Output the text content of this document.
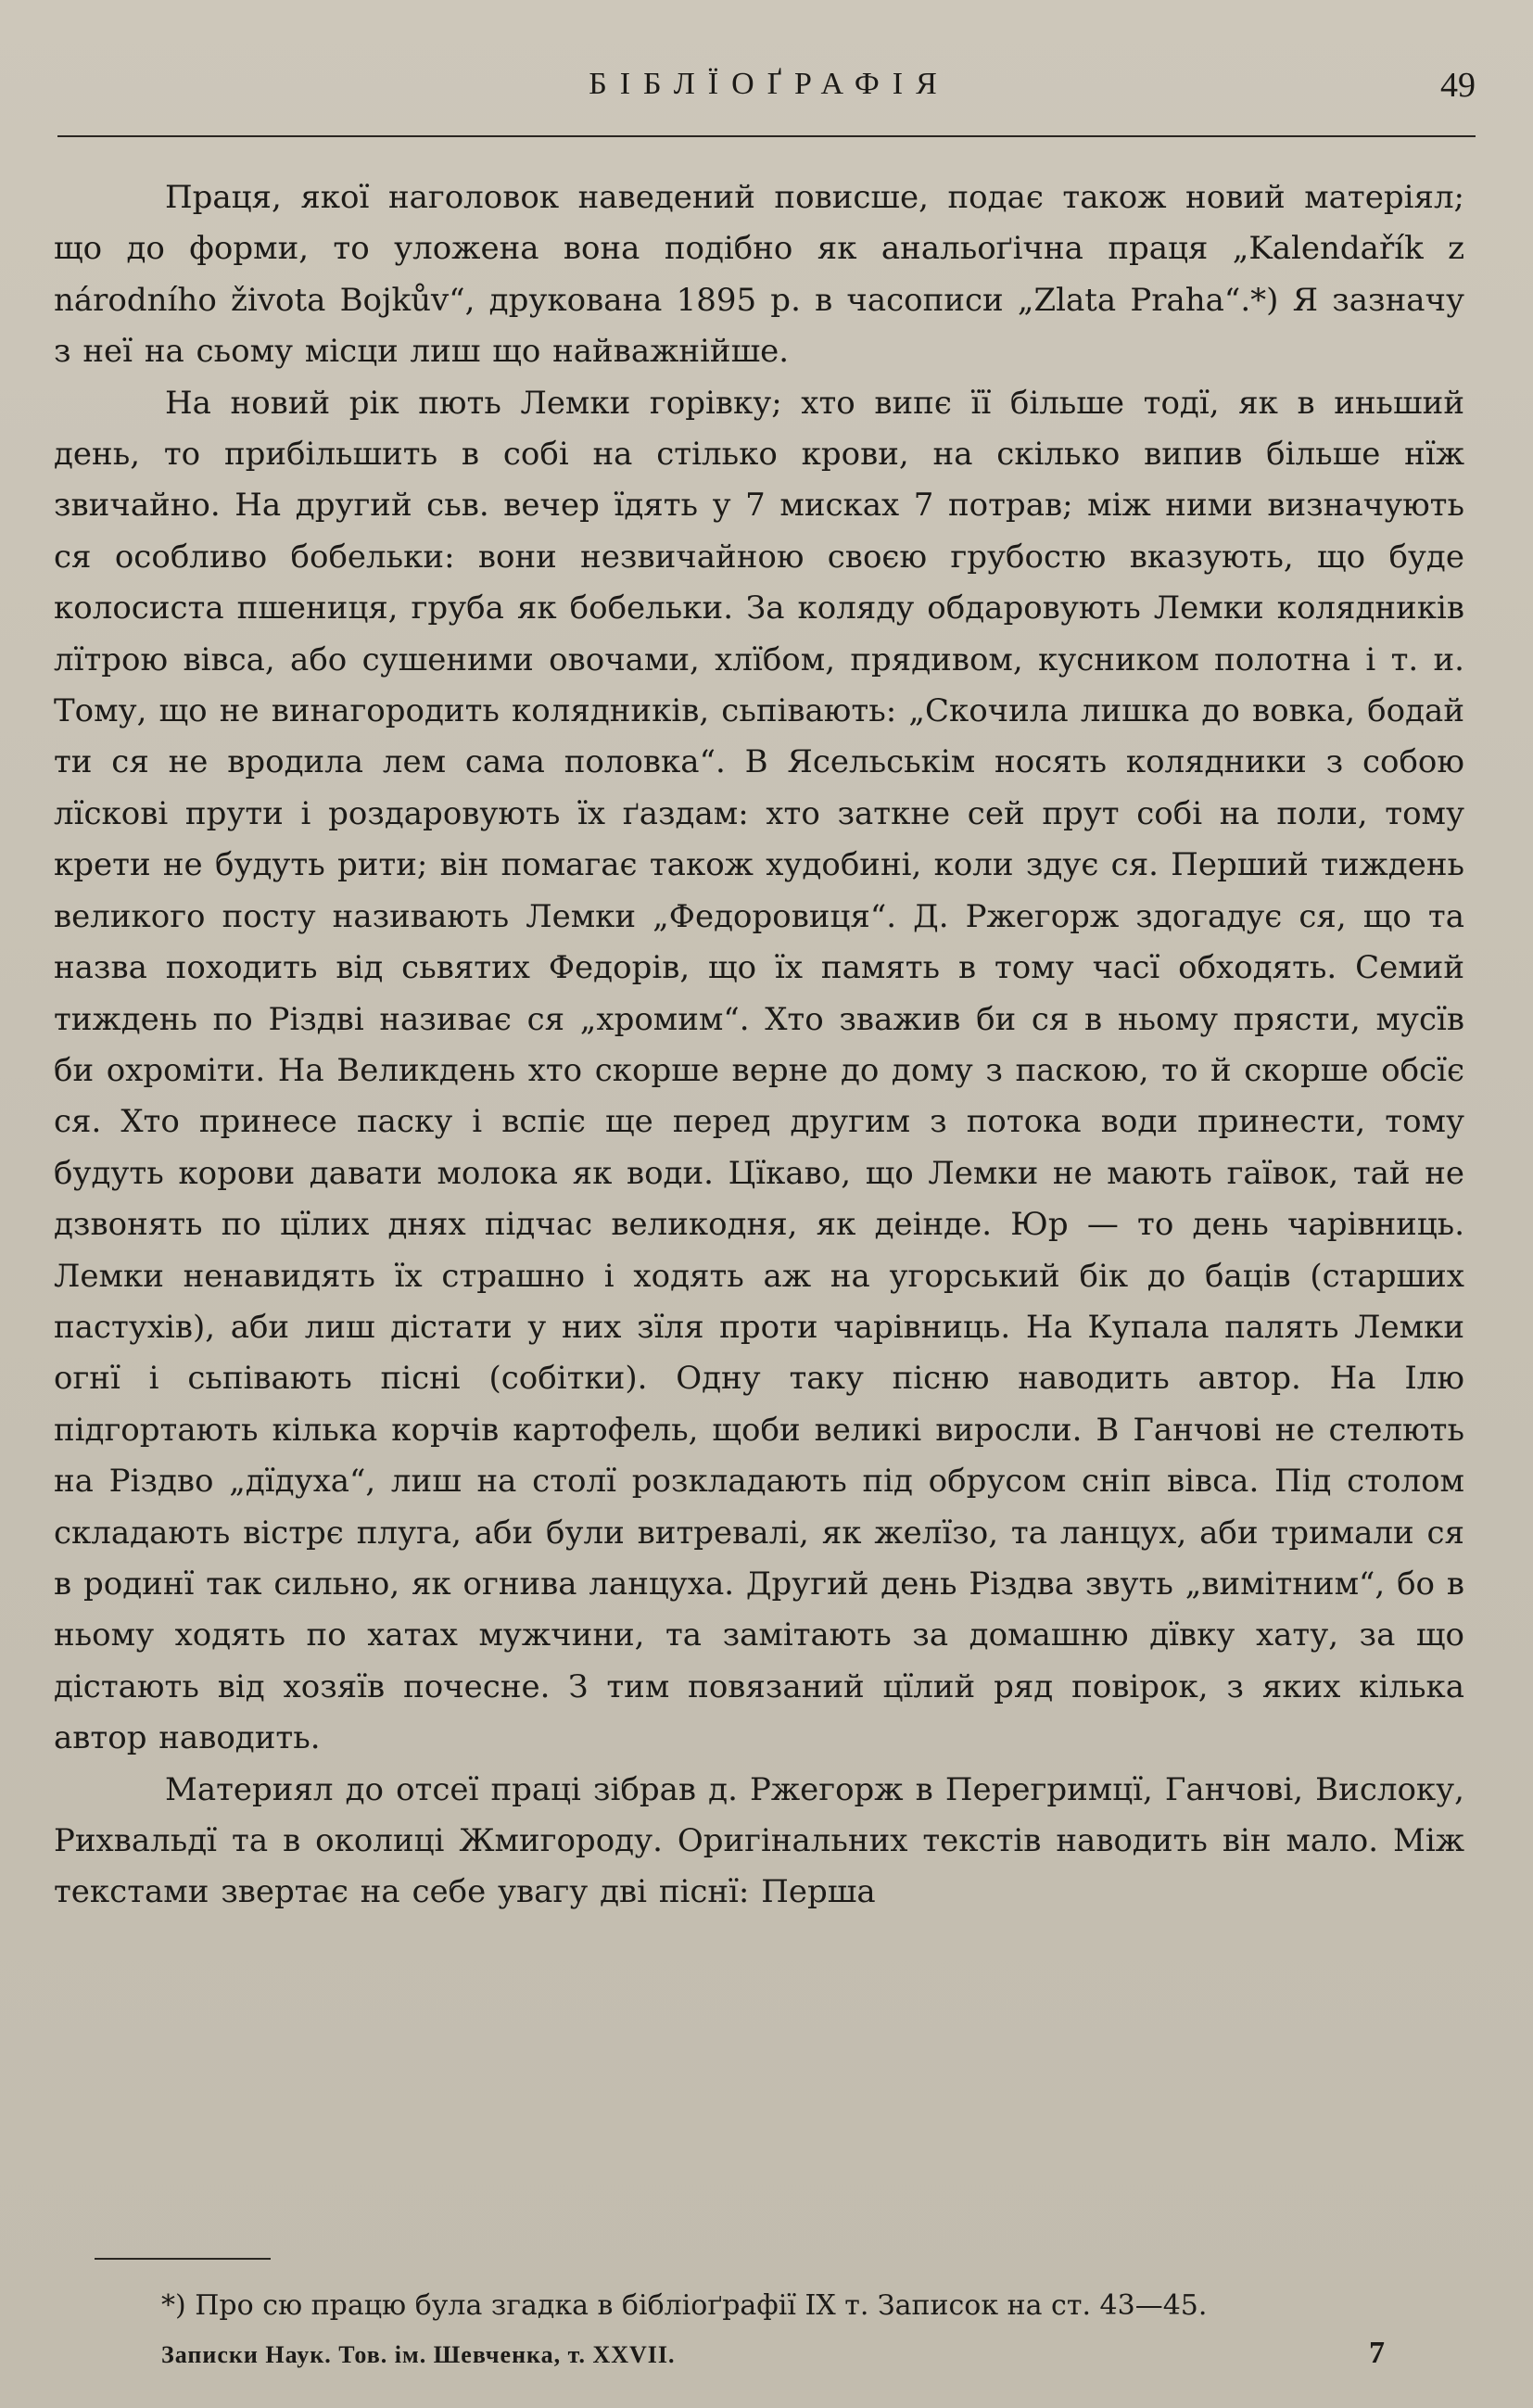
БІБЛЇОҐРАФІЯ	49

Праця, якої наголовок наведений повисше, подає також новий матеріял; що до форми, то уложена вона подібно як анальоґічна праця „Kalendařík z národního života Bojkův“, друкована 1895 р. в часописи „Zlata Praha“.*) Я зазначу з неї на сьому місци лиш що найважнійше.

На новий рік пють Лемки горівку; хто випє її більше тодї, як в иньший день, то прибільшить в собі на стілько крови, на скілько випив більше нїж звичайно. На другий сьв. вечер їдять у 7 мисках 7 потрав; між ними визначують ся особливо бобельки: вони незвичайною своєю грубостю вказують, що буде колосиста пшениця, груба як бобельки. За коляду обдаровують Лемки колядників лїтрою вівса, або сушеними овочами, хлїбом, прядивом, кусником полотна і т. и. Тому, що не винагородить колядників, сьпівають: „Скочила лишка до вовка, бодай ти ся не вродила лем сама половка“. В Ясельськім носять колядники з собою лїскові прути і роздаровують їх ґаздам: хто заткне сей прут собі на поли, тому крети не будуть рити; він помагає також худобині, коли здує ся. Перший тиждень великого посту називають Лемки „Федоровиця“. Д. Ржегорж здогадує ся, що та назва походить від сьвятих Федорів, що їх память в тому часї обходять. Семий тиждень по Різдві називає ся „хромим“. Хто зважив би ся в ньому прясти, мусїв би охроміти. На Великдень хто скорше верне до дому з паскою, то й скорше обсїє ся. Хто принесе паску і вспіє ще перед другим з потока води принести, тому будуть корови давати молока як води. Цїкаво, що Лемки не мають гаївок, тай не дзвонять по цїлих днях підчас великодня, як деінде. Юр — то день чарівниць. Лемки ненавидять їх страшно і ходять аж на угорський бік до баців (старших пастухів), аби лиш дістати у них зїля проти чарівниць. На Купала палять Лемки огнї і сьпівають пісні (собітки). Одну таку пісню наводить автор. На Ілю підгортають кілька корчів картофель, щоби великі виросли. В Ганчові не стелють на Різдво „дїдуха“, лиш на столї розкладають під обрусом сніп вівса. Під столом складають вістрє плуга, аби були витревалі, як желїзо, та ланцух, аби тримали ся в родинї так сильно, як огнива ланцуха. Другий день Різдва звуть „вимітним“, бо в ньому ходять по хатах мужчини, та замітають за домашню дївку хату, за що дістають від хозяїв почесне. З тим повязаний цїлий ряд повірок, з яких кілька автор наводить.

Материял до отсеї праці зібрав д. Ржегорж в Перегримцї, Ганчові, Вислоку, Рихвальдї та в околиці Жмигороду. Оригінальних текстів наводить він мало. Між текстами звертає на себе увагу дві піснї: Перша

*) Про сю працю була згадка в бібліоґрафії IX т. Записок на ст. 43—45.
Записки Наук. Тов. ім. Шевченка, т. XXVII.	7
